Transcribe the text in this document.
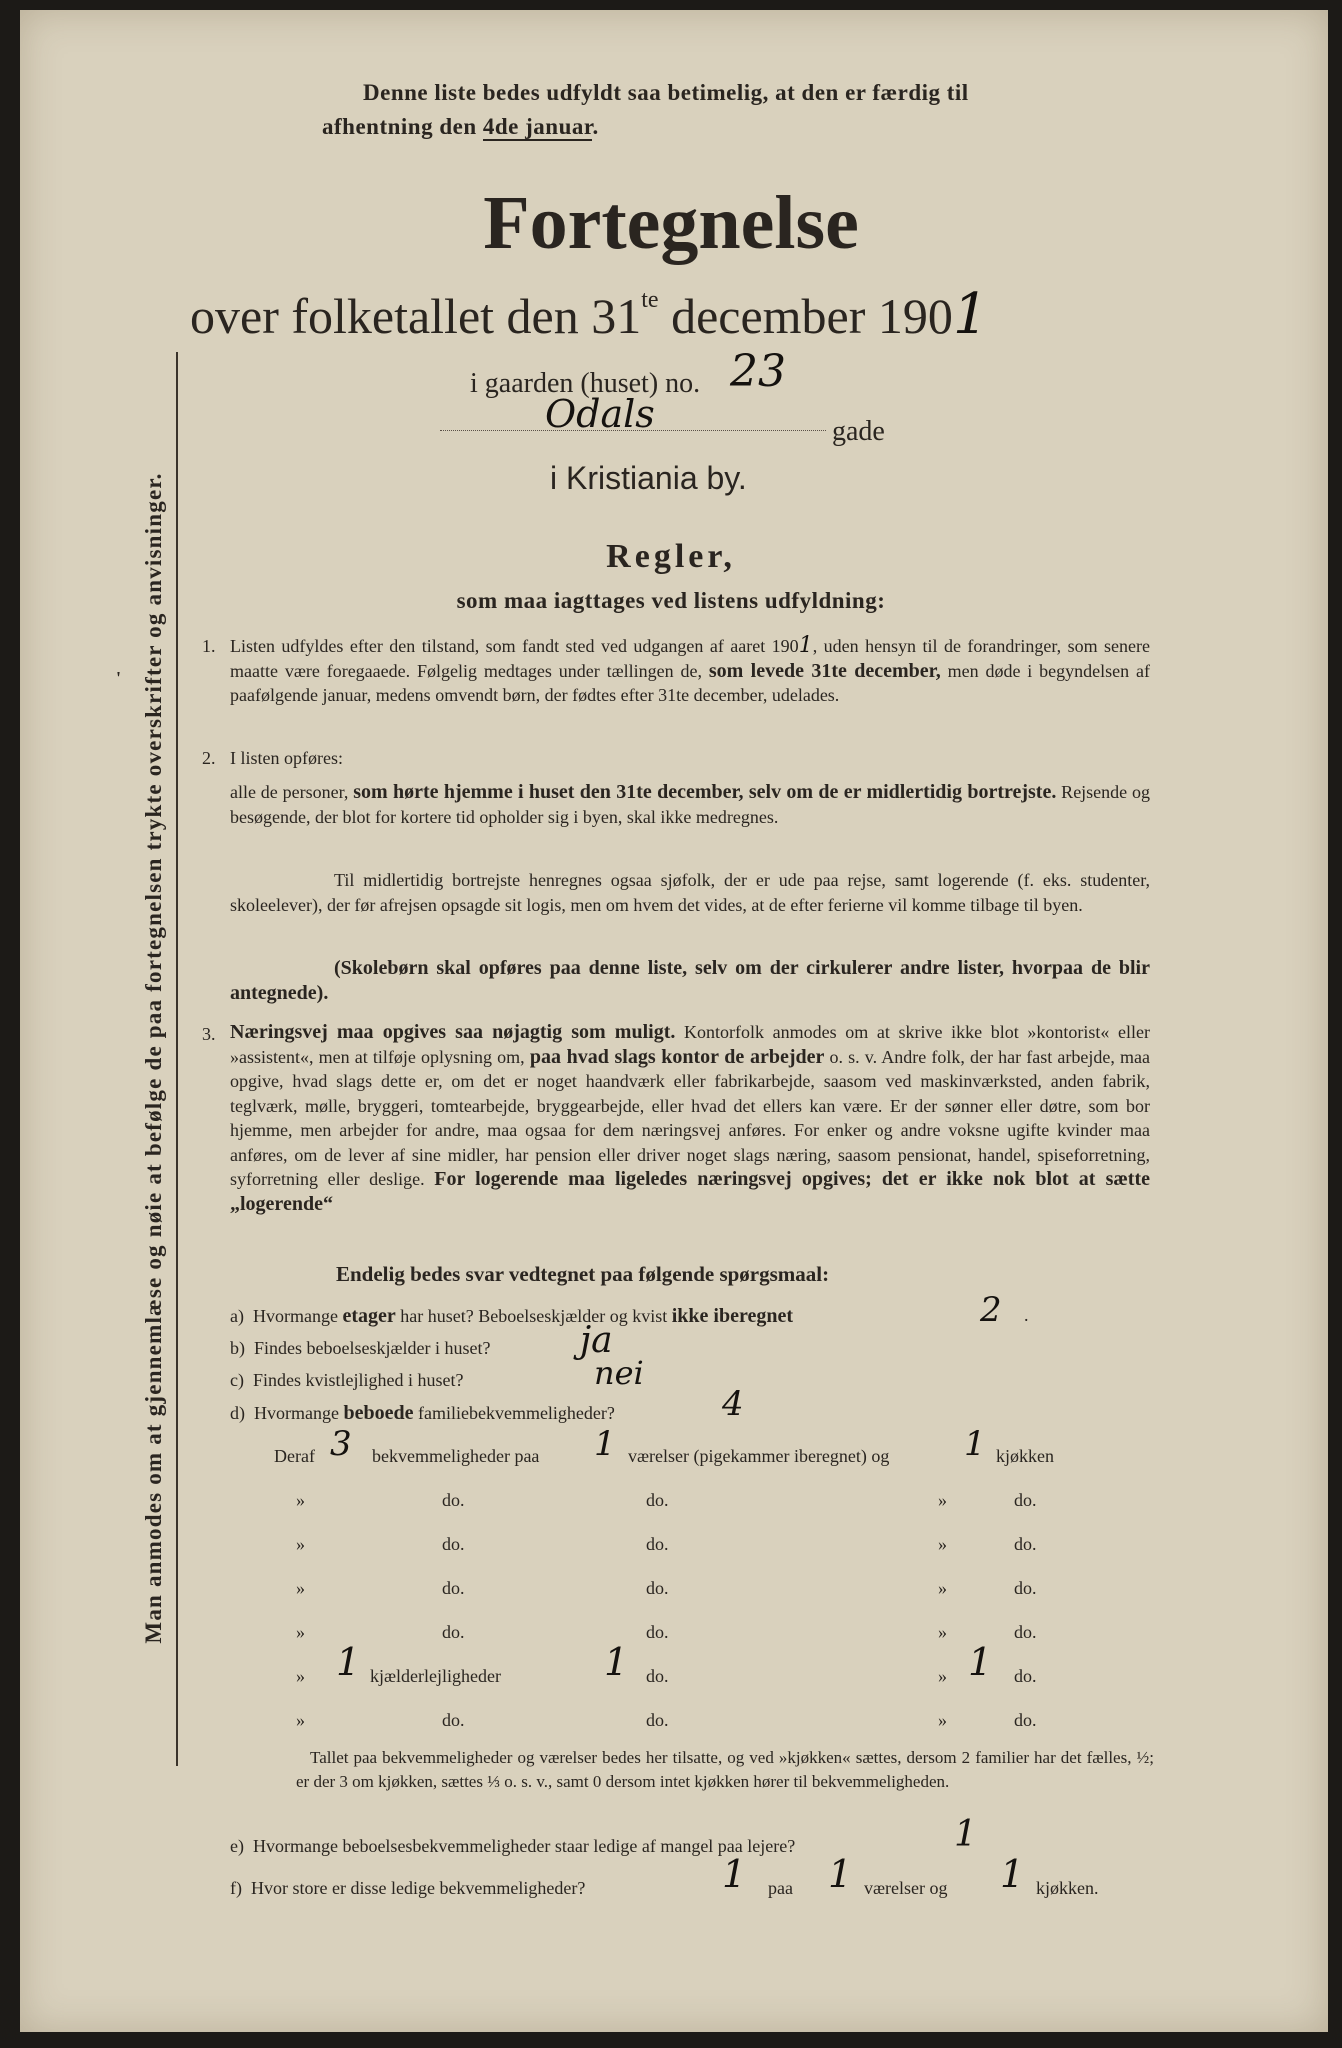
Man anmodes om at gjennemlæse og nøie at befølge de paa fortegnelsen trykte overskrifter og anvisninger.
'
Denne liste bedes udfyldt saa betimelig, at den er færdig til
afhentning den 4de januar.
Fortegnelse
over folketallet den $31^{te}$ december 1901
i gaarden (huset) no. 23
Odals	gade
i Kristiania by.
Regler,
som maa iagttages ved listens udfyldning:
1. Listen udfyldes efter den tilstand, som fandt sted ved udgangen af aaret 1901, uden hensyn til de forandringer, som senere maatte være foregaaede. Følgelig medtages under tællingen de, som levede 31te december, men døde i begyndelsen af paafølgende januar, medens omvendt børn, der fødtes efter 31te december, udelades.
2. I listen opføres:
alle de personer, som hørte hjemme i huset den 31te december, selv om de er midlertidig bortrejste. Rejsende og besøgende, der blot for kortere tid opholder sig i byen, skal ikke medregnes.
Til midlertidig bortrejste henregnes ogsaa sjøfolk, der er ude paa rejse, samt logerende (f. eks. studenter, skoleelever), der før afrejsen opsagde sit logis, men om hvem det vides, at de efter ferierne vil komme tilbage til byen.
(Skolebørn skal opføres paa denne liste, selv om der cirkulerer andre lister, hvorpaa de blir antegnede).
3. Næringsvej maa opgives saa nøjagtig som muligt. Kontorfolk anmodes om at skrive ikke blot »kontorist« eller »assistent«, men at tilføje oplysning om, paa hvad slags kontor de arbejder o. s. v. Andre folk, der har fast arbejde, maa opgive, hvad slags dette er, om det er noget haandværk eller fabrikarbejde, saasom ved maskinværksted, anden fabrik, teglværk, mølle, bryggeri, tomtearbejde, bryggearbejde, eller hvad det ellers kan være. Er der sønner eller døtre, som bor hjemme, men arbejder for andre, maa ogsaa for dem næringsvej anføres. For enker og andre voksne ugifte kvinder maa anføres, om de lever af sine midler, har pension eller driver noget slags næring, saasom pensionat, handel, spiseforretning, syforretning eller deslige. For logerende maa ligeledes næringsvej opgives; det er ikke nok blot at sætte „logerende“
Endelig bedes svar vedtegnet paa følgende spørgsmaal:
a) Hvormange etager har huset? Beboelseskjælder og kvist ikke iberegnet	2 .
b) Findes beboelseskjælder i huset? ja
c) Findes kvistlejlighed i huset?	nei
d) Hvormange beboede familiebekvemmeligheder?	4
Deraf 3 bekvemmeligheder paa 1 værelser (pigekammer iberegnet) og 1 kjøkken
»	do.	do.	»	do.
»	do.	do.	»	do.
»	do.	do.	»	do.
»	do.	do.	»	do.
» 1 kjælderlejligheder	1 do.	» 1 do.
»	do.	do.	»	do.
Tallet paa bekvemmeligheder og værelser bedes her tilsatte, og ved »kjøkken« sættes, dersom 2 familier har det fælles, ½; er der 3 om kjøkken, sættes ⅓ o. s. v., samt 0 dersom intet kjøkken hører til bekvemmeligheden.
e) Hvormange beboelsesbekvemmeligheder staar ledige af mangel paa lejere?	1
f) Hvor store er disse ledige bekvemmeligheder?	1 paa 1 værelser og 1 kjøkken.
